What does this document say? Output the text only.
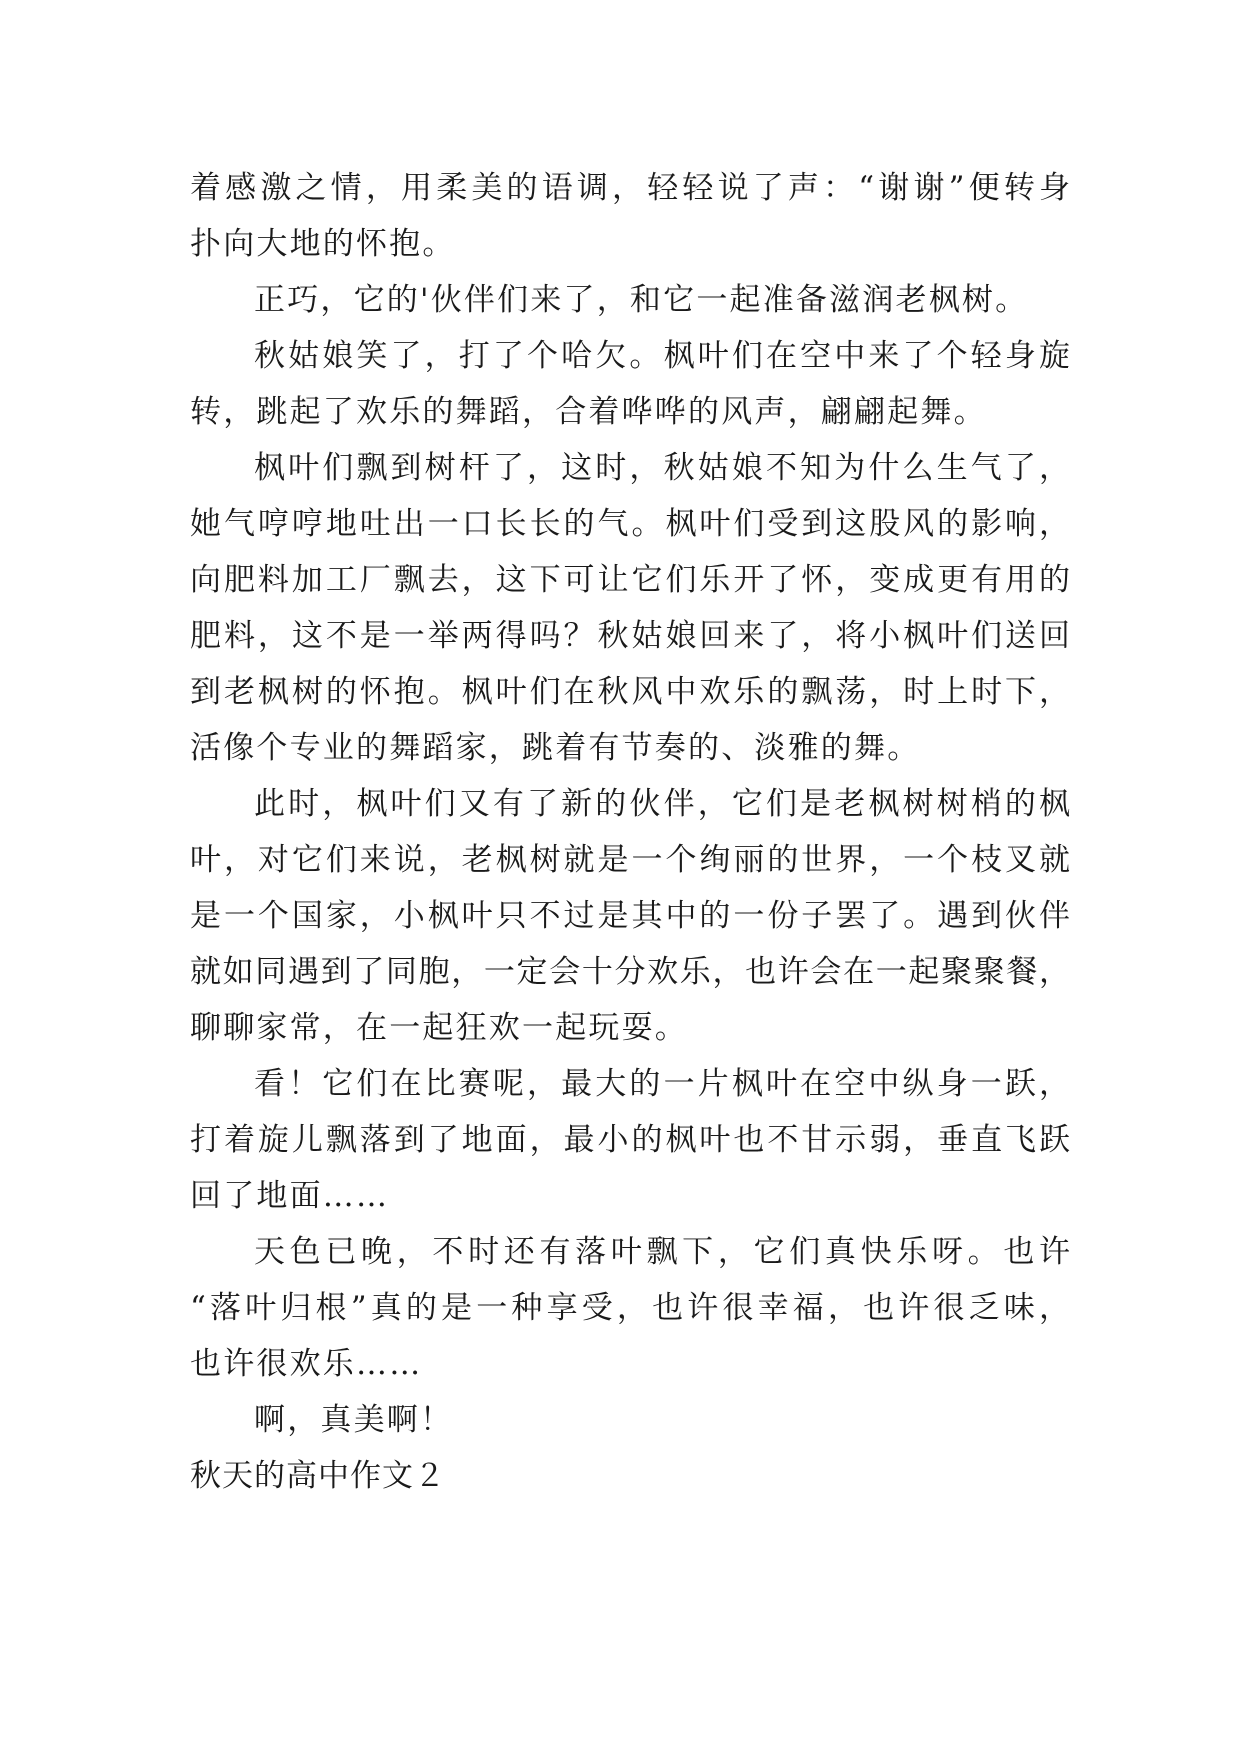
着感激之情，用柔美的语调，轻轻说了声：“谢谢”便转身
扑向大地的怀抱。
正巧，它的'伙伴们来了，和它一起准备滋润老枫树。
秋姑娘笑了，打了个哈欠。枫叶们在空中来了个轻身旋
转，跳起了欢乐的舞蹈，合着哗哗的风声，翩翩起舞。
枫叶们飘到树杆了，这时，秋姑娘不知为什么生气了，
她气哼哼地吐出一口长长的气。枫叶们受到这股风的影响，
向肥料加工厂飘去，这下可让它们乐开了怀，变成更有用的
肥料，这不是一举两得吗？秋姑娘回来了，将小枫叶们送回
到老枫树的怀抱。枫叶们在秋风中欢乐的飘荡，时上时下，
活像个专业的舞蹈家，跳着有节奏的、淡雅的舞。
此时，枫叶们又有了新的伙伴，它们是老枫树树梢的枫
叶，对它们来说，老枫树就是一个绚丽的世界，一个枝叉就
是一个国家，小枫叶只不过是其中的一份子罢了。遇到伙伴
就如同遇到了同胞，一定会十分欢乐，也许会在一起聚聚餐，
聊聊家常，在一起狂欢一起玩耍。
看！它们在比赛呢，最大的一片枫叶在空中纵身一跃，
打着旋儿飘落到了地面，最小的枫叶也不甘示弱，垂直飞跃
回了地面……
天色已晚，不时还有落叶飘下，它们真快乐呀。也许
“落叶归根”真的是一种享受，也许很幸福，也许很乏味，
也许很欢乐……
啊，真美啊！
秋天的高中作文２
